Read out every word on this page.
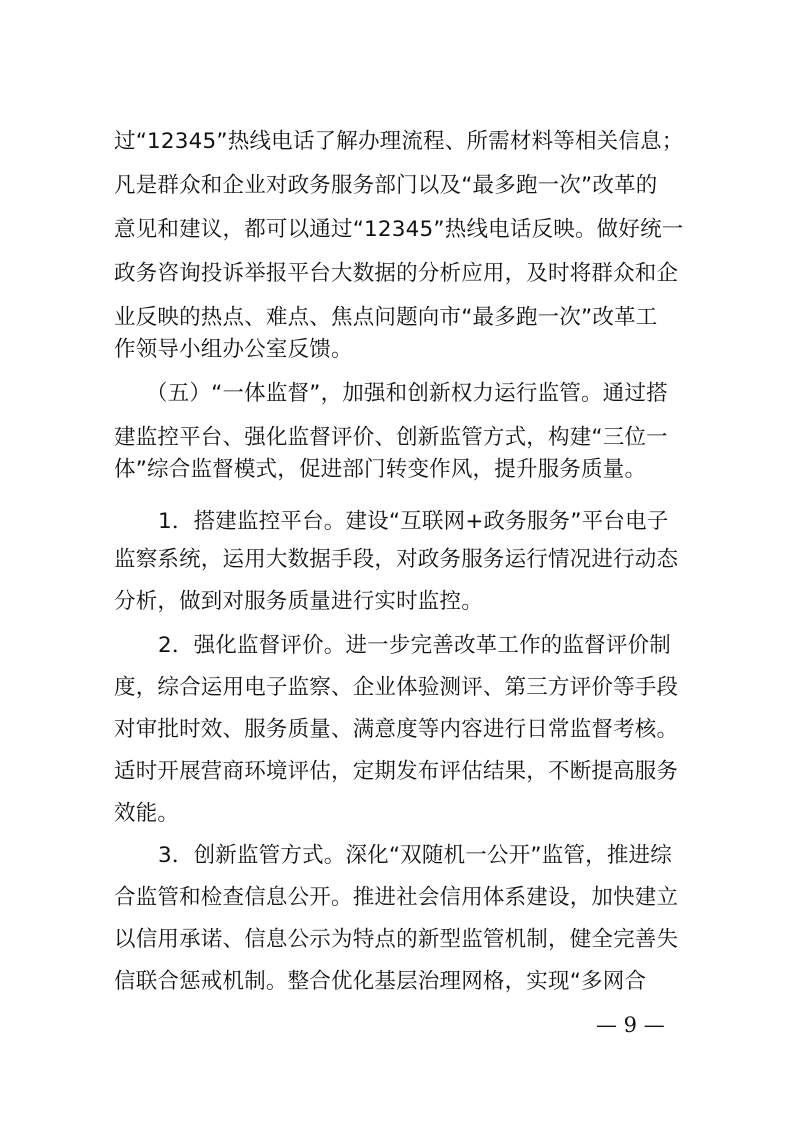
过“12345”热线电话了解办理流程、所需材料等相关信息；
凡是群众和企业对政务服务部门以及“最多跑一次”改革的
意见和建议，都可以通过“12345”热线电话反映。做好统一
政务咨询投诉举报平台大数据的分析应用，及时将群众和企
业反映的热点、难点、焦点问题向市“最多跑一次”改革工
作领导小组办公室反馈。
（五）“一体监督”，加强和创新权力运行监管。通过搭
建监控平台、强化监督评价、创新监管方式，构建“三位一
体”综合监督模式，促进部门转变作风，提升服务质量。
1．搭建监控平台。建设“互联网+政务服务”平台电子
监察系统，运用大数据手段，对政务服务运行情况进行动态
分析，做到对服务质量进行实时监控。
2．强化监督评价。进一步完善改革工作的监督评价制
度，综合运用电子监察、企业体验测评、第三方评价等手段
对审批时效、服务质量、满意度等内容进行日常监督考核。
适时开展营商环境评估，定期发布评估结果，不断提高服务
效能。
3．创新监管方式。深化“双随机一公开”监管，推进综
合监管和检查信息公开。推进社会信用体系建设，加快建立
以信用承诺、信息公示为特点的新型监管机制，健全完善失
信联合惩戒机制。整合优化基层治理网格，实现“多网合
— 9 —
